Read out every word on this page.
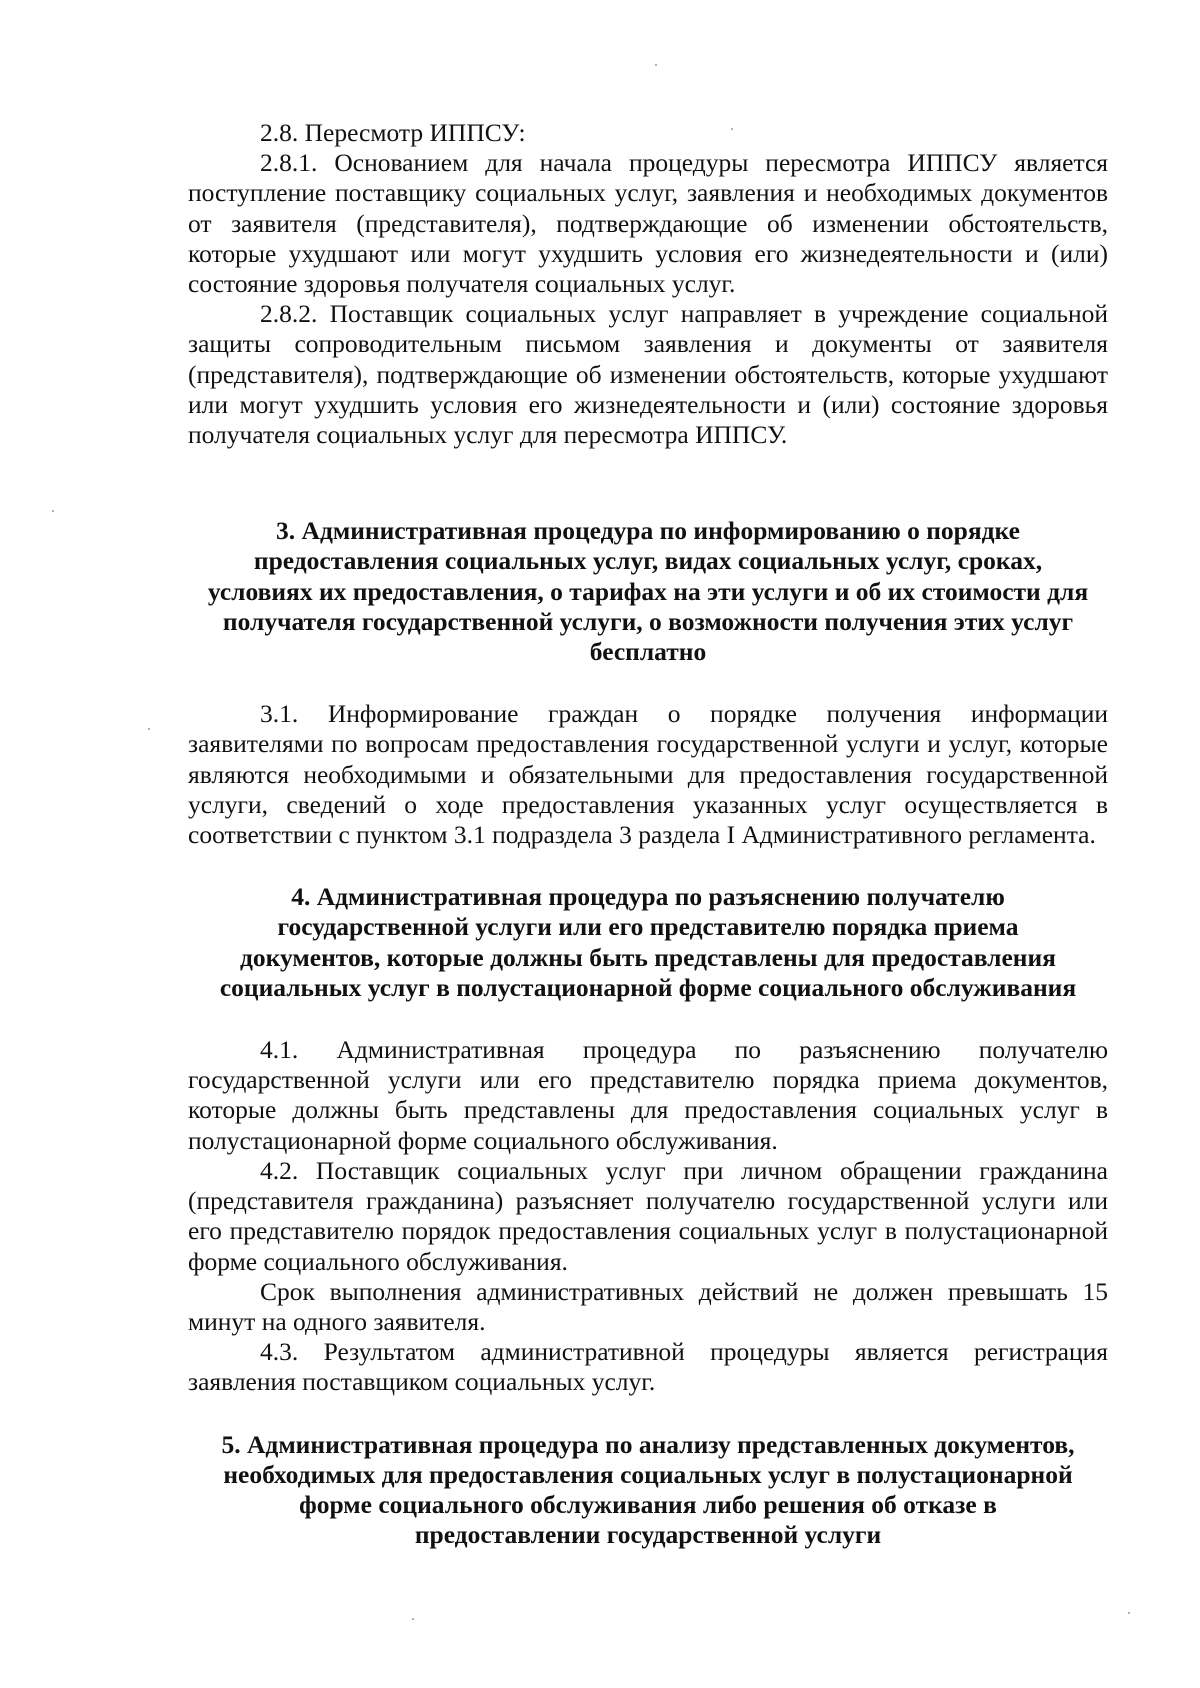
2.8. Пересмотр ИППСУ:

2.8.1. Основанием для начала процедуры пересмотра ИППСУ является поступление поставщику социальных услуг, заявления и необходимых документов от заявителя (представителя), подтверждающие об изменении обстоятельств, которые ухудшают или могут ухудшить условия его жизнедеятельности и (или) состояние здоровья получателя социальных услуг.

2.8.2. Поставщик социальных услуг направляет в учреждение социальной защиты сопроводительным письмом заявления и документы от заявителя (представителя), подтверждающие об изменении обстоятельств, которые ухудшают или могут ухудшить условия его жизнедеятельности и (или) состояние здоровья получателя социальных услуг для пересмотра ИППСУ.

3. Административная процедура по информированию о порядке
предоставления социальных услуг, видах социальных услуг, сроках,
условиях их предоставления, о тарифах на эти услуги и об их стоимости для
получателя государственной услуги, о возможности получения этих услуг
бесплатно

3.1. Информирование граждан о порядке получения информации заявителями по вопросам предоставления государственной услуги и услуг, которые являются необходимыми и обязательными для предоставления государственной услуги, сведений о ходе предоставления указанных услуг осуществляется в соответствии с пунктом 3.1 подраздела 3 раздела I Административного регламента.

4. Административная процедура по разъяснению получателю
государственной услуги или его представителю порядка приема
документов, которые должны быть представлены для предоставления
социальных услуг в полустационарной форме социального обслуживания

4.1. Административная процедура по разъяснению получателю государственной услуги или его представителю порядка приема документов, которые должны быть представлены для предоставления социальных услуг в полустационарной форме социального обслуживания.

4.2. Поставщик социальных услуг при личном обращении гражданина (представителя гражданина) разъясняет получателю государственной услуги или его представителю порядок предоставления социальных услуг в полустационарной форме социального обслуживания.

Срок выполнения административных действий не должен превышать 15 минут на одного заявителя.

4.3. Результатом административной процедуры является регистрация заявления поставщиком социальных услуг.

5. Административная процедура по анализу представленных документов,
необходимых для предоставления социальных услуг в полустационарной
форме социального обслуживания либо решения об отказе в
предоставлении государственной услуги
